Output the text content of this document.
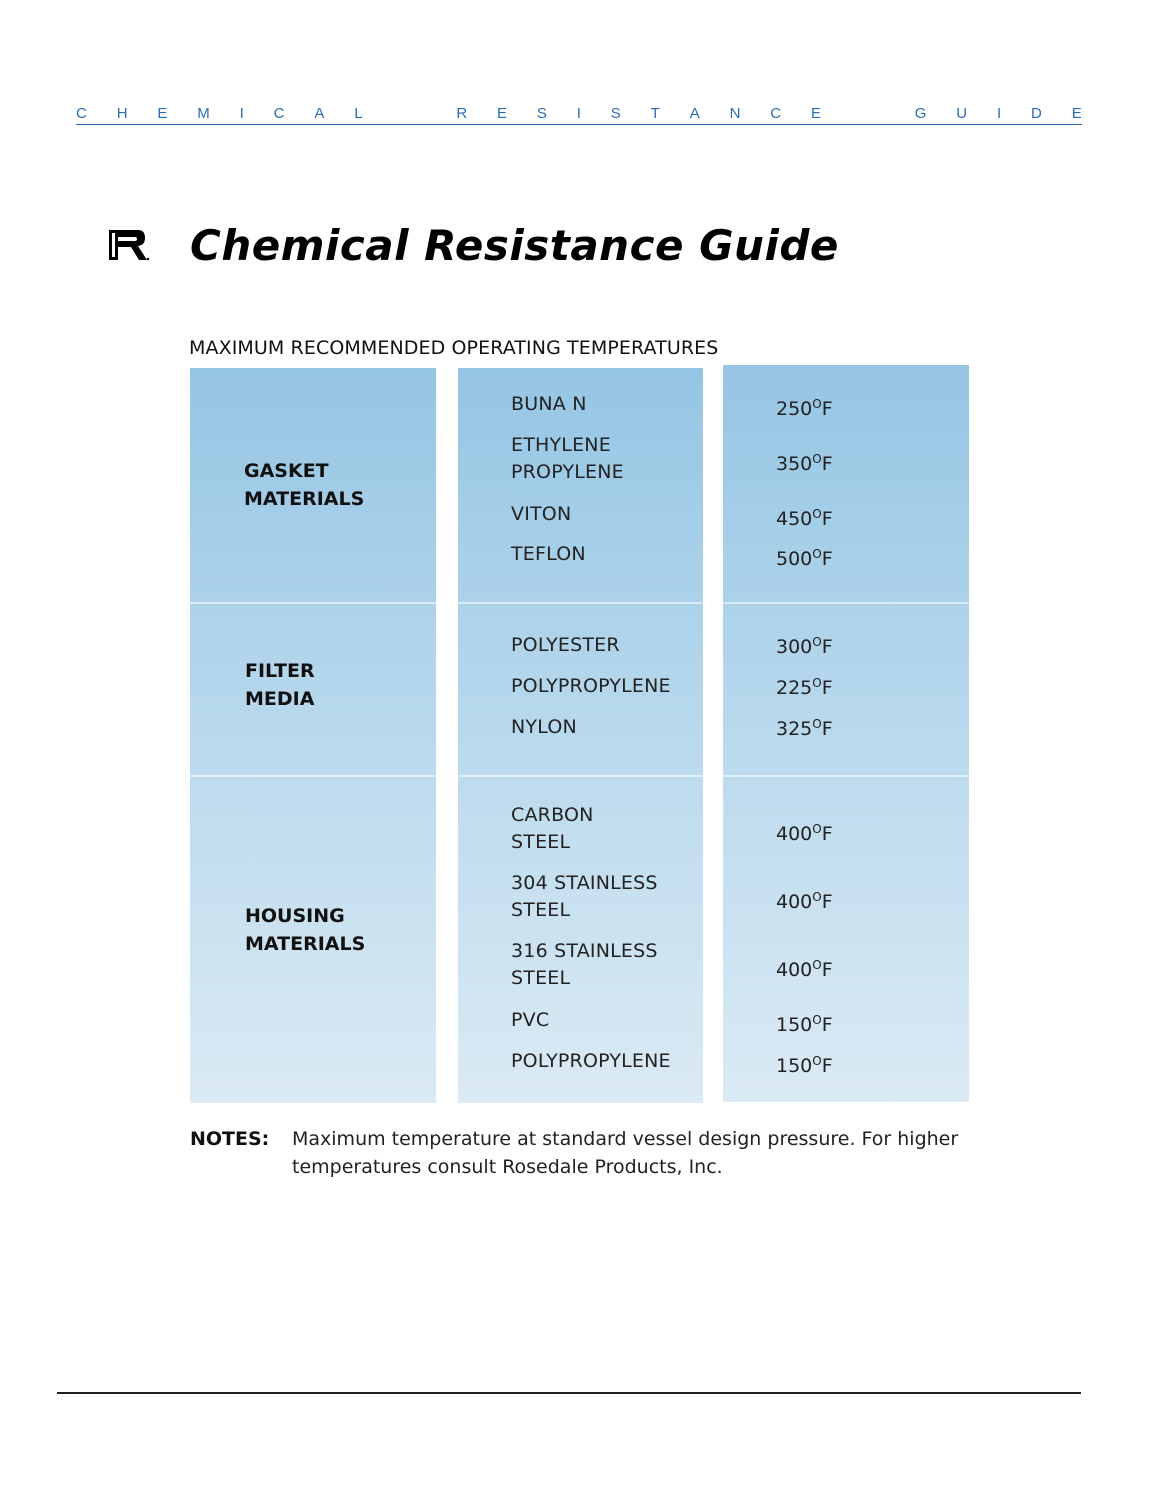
C H E M I C A L	R E S I S T A N C E	G U I D E
Chemical Resistance Guide
MAXIMUM RECOMMENDED OPERATING TEMPERATURES
GASKET
MATERIALS
BUNA N	$250^OF$
ETHYLENE
PROPYLENE	$350^OF$
VITON	$450^OF$
TEFLON	$500^OF$
FILTER
MEDIA
POLYESTER	$300^OF$
POLYPROPYLENE	$225^OF$
NYLON	$325^OF$
HOUSING
MATERIALS
CARBON
STEEL	$400^OF$
304 STAINLESS
STEEL	$400^OF$
316 STAINLESS
STEEL	$400^OF$
PVC	$150^OF$
POLYPROPYLENE	$150^OF$
NOTES: Maximum temperature at standard vessel design pressure. For higher temperatures consult Rosedale Products, Inc.
